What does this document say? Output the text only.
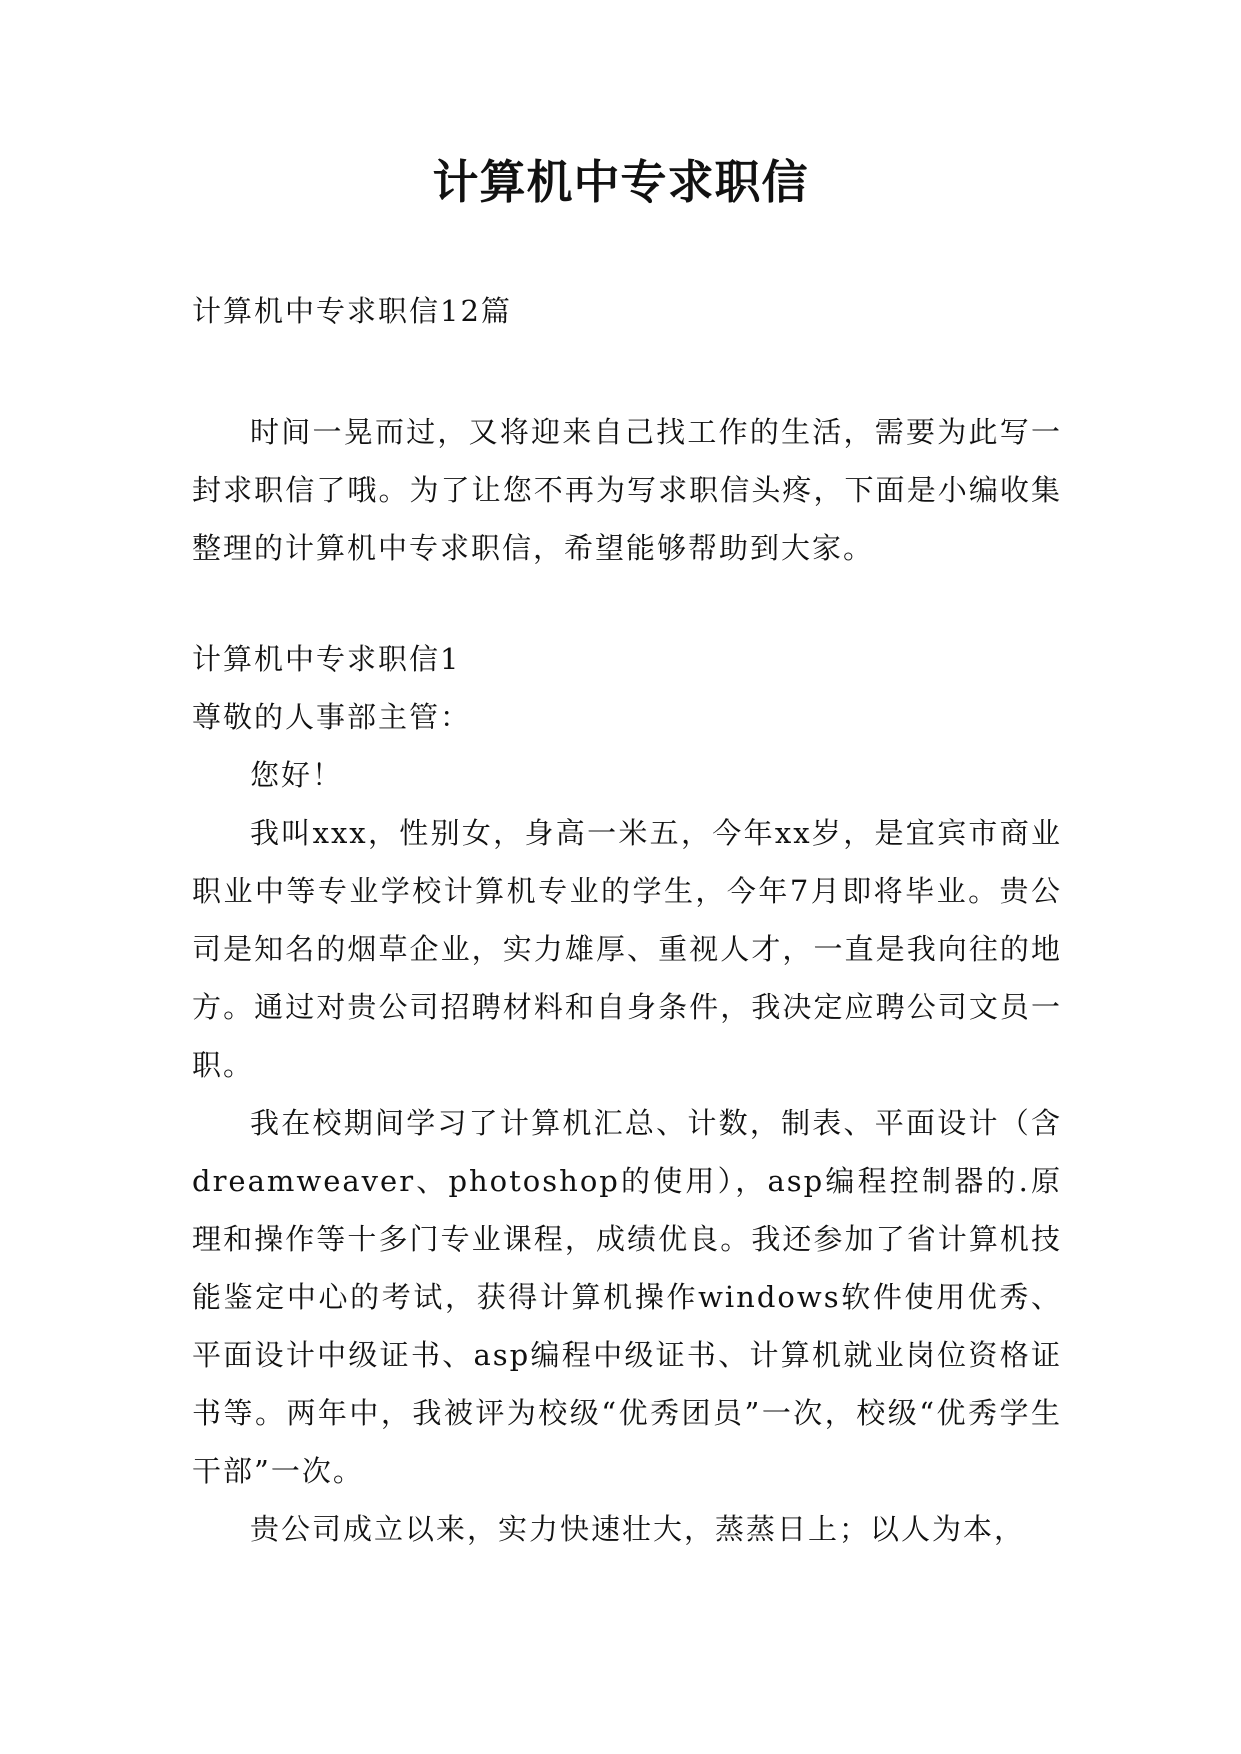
计算机中专求职信

计算机中专求职信12篇

时间一晃而过，又将迎来自己找工作的生活，需要为此写一封求职信了哦。为了让您不再为写求职信头疼，下面是小编收集整理的计算机中专求职信，希望能够帮助到大家。

计算机中专求职信1

尊敬的人事部主管：

您好！

我叫xxx，性别女，身高一米五，今年xx岁，是宜宾市商业职业中等专业学校计算机专业的学生，今年7月即将毕业。贵公司是知名的烟草企业，实力雄厚、重视人才，一直是我向往的地方。通过对贵公司招聘材料和自身条件，我决定应聘公司文员一职。

我在校期间学习了计算机汇总、计数，制表、平面设计（含dreamweaver、photoshop的使用），asp编程控制器的.原理和操作等十多门专业课程，成绩优良。我还参加了省计算机技能鉴定中心的考试，获得计算机操作windows软件使用优秀、平面设计中级证书、asp编程中级证书、计算机就业岗位资格证书等。两年中，我被评为校级“优秀团员”一次，校级“优秀学生干部”一次。

贵公司成立以来，实力快速壮大，蒸蒸日上；以人为本，
